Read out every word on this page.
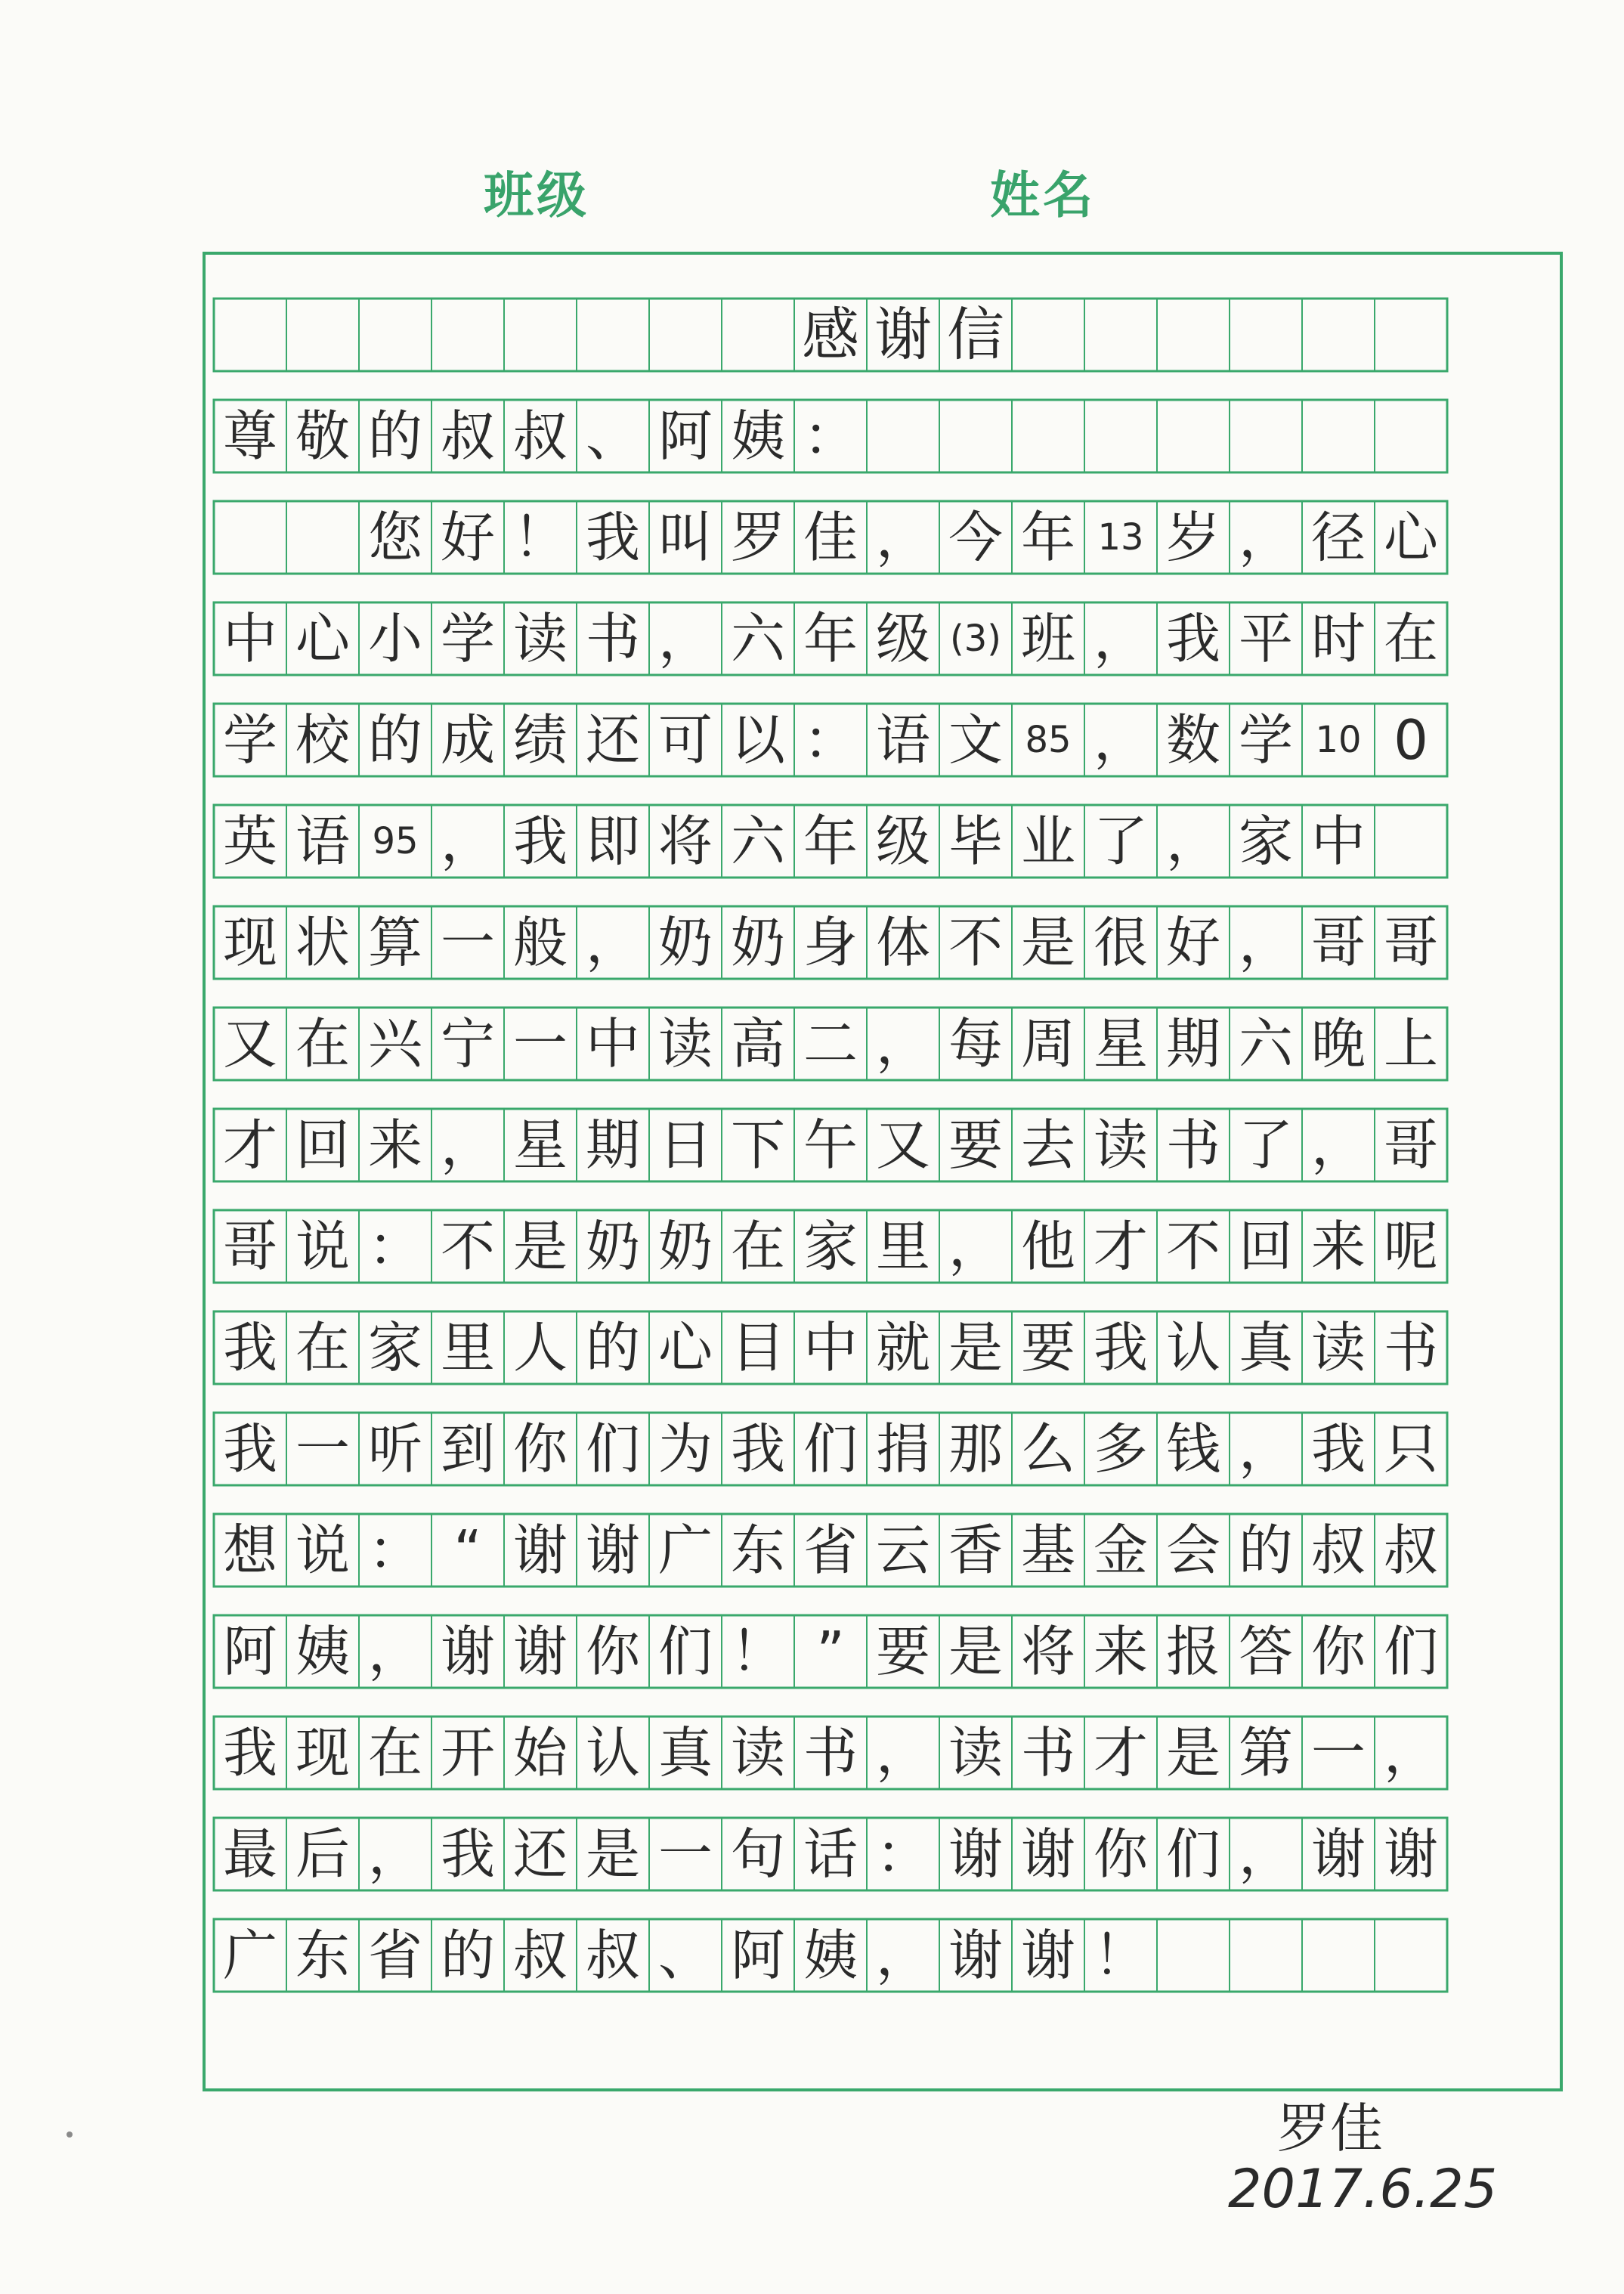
班级	姓名
感 谢 信
尊 敬 的 叔 叔 、 阿 姨 ：
您 好 ！ 我 叫 罗 佳 ， 今 年 13 岁 ， 径 心
中 心 小 学 读 书 ， 六 年 级 (3) 班 ， 我 平 时 在
学 校 的 成 绩 还 可 以 ： 语 文 85 ， 数 学 10 0
英 语 95 ， 我 即 将 六 年 级 毕 业 了 ， 家 中
现 状 算 一 般 ， 奶 奶 身 体 不 是 很 好 ， 哥 哥
又 在 兴 宁 一 中 读 高 二 ， 每 周 星 期 六 晚 上
才 回 来 ， 星 期 日 下 午 又 要 去 读 书 了 ， 哥
哥 说 ： 不 是 奶 奶 在 家 里 ， 他 才 不 回 来 呢
我 在 家 里 人 的 心 目 中 就 是 要 我 认 真 读 书
我 一 听 到 你 们 为 我 们 捐 那 么 多 钱 ， 我 只
想 说 ： “ 谢 谢 广 东 省 云 香 基 金 会 的 叔 叔
阿 姨 ， 谢 谢 你 们 ！ ” 要 是 将 来 报 答 你 们
我 现 在 开 始 认 真 读 书 ， 读 书 才 是 第 一 ，
最 后 ， 我 还 是 一 句 话 ： 谢 谢 你 们 ， 谢 谢
广 东 省 的 叔 叔 、 阿 姨 ， 谢 谢 ！
罗佳
2017.6.25
